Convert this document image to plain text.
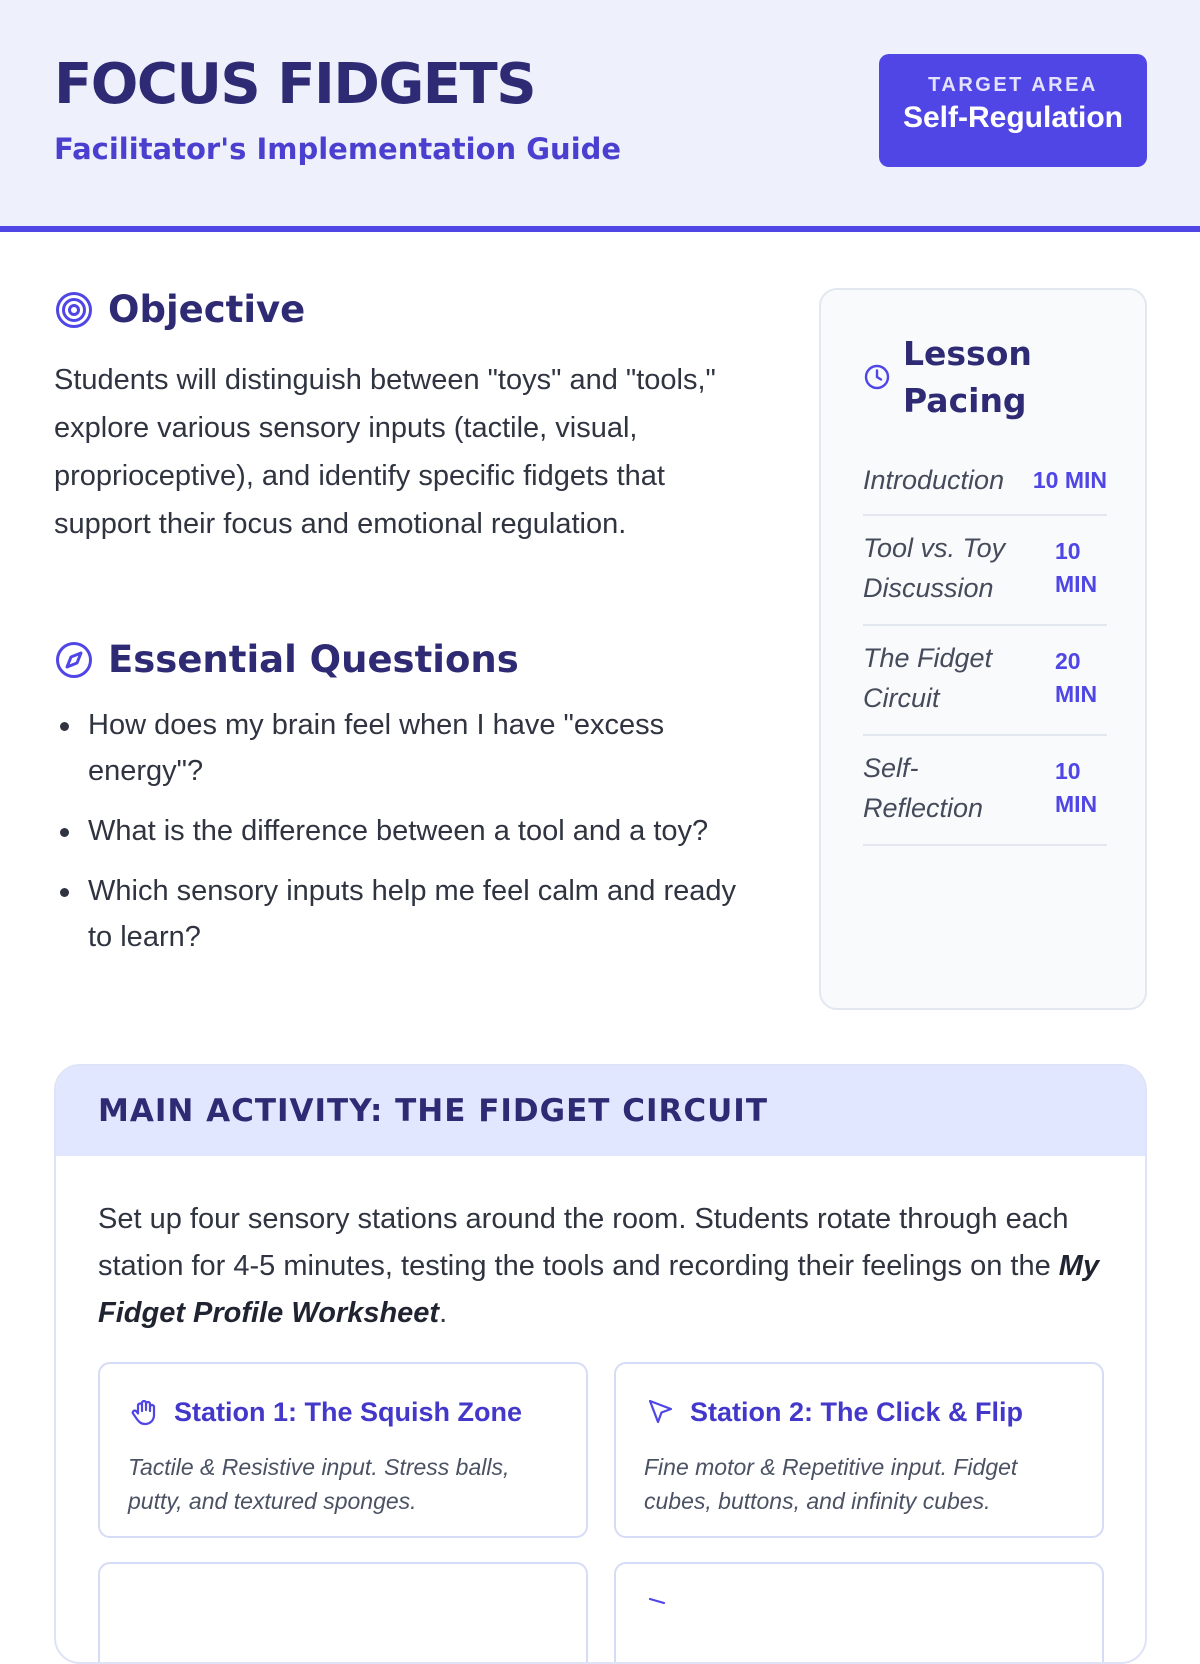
FOCUS FIDGETS
Facilitator's Implementation Guide
TARGET AREA
Self-Regulation
Objective

Students will distinguish between "toys" and "tools," explore various sensory inputs (tactile, visual, proprioceptive), and identify specific fidgets that support their focus and emotional regulation.

Essential Questions
How does my brain feel when I have "excess energy"?
What is the difference between a tool and a toy?
Which sensory inputs help me feel calm and ready to learn?
Lesson Pacing
Introduction 10 MIN
Tool vs. Toy Discussion
10 MIN
The Fidget Circuit
20 MIN
Self-Reflection
10 MIN
MAIN ACTIVITY: THE FIDGET CIRCUIT

Set up four sensory stations around the room. Students rotate through each station for 4-5 minutes, testing the tools and recording their feelings on the My Fidget Profile Worksheet.

Station 1: The Squish Zone

Tactile & Resistive input. Stress balls, putty, and textured sponges.

Station 2: The Click & Flip

Fine motor & Repetitive input. Fidget cubes, buttons, and infinity cubes.
